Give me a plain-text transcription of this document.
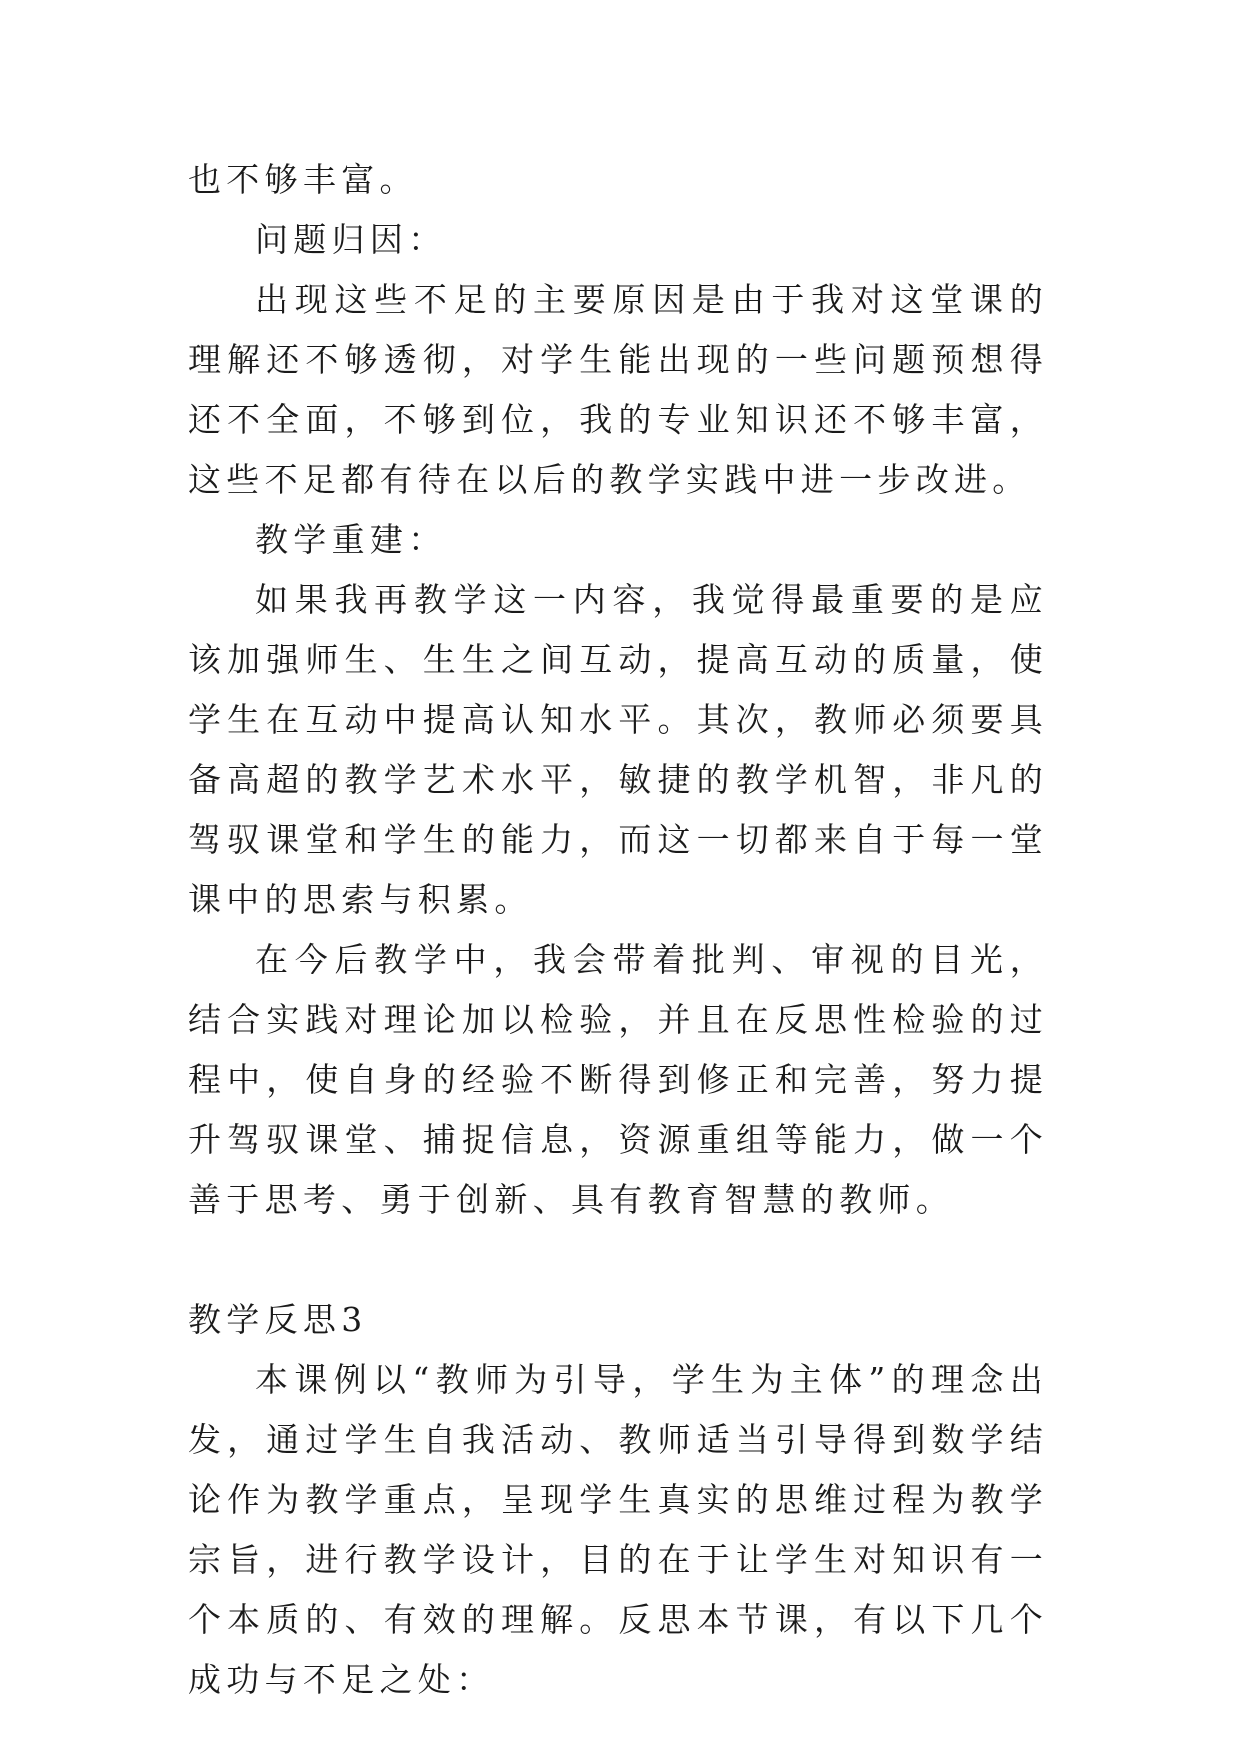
也不够丰富。

问题归因：

出现这些不足的主要原因是由于我对这堂课的理解还不够透彻，对学生能出现的一些问题预想得还不全面，不够到位，我的专业知识还不够丰富，这些不足都有待在以后的教学实践中进一步改进。

教学重建：

如果我再教学这一内容，我觉得最重要的是应该加强师生、生生之间互动，提高互动的质量，使学生在互动中提高认知水平。其次，教师必须要具备高超的教学艺术水平，敏捷的教学机智，非凡的驾驭课堂和学生的能力，而这一切都来自于每一堂课中的思索与积累。

在今后教学中，我会带着批判、审视的目光，结合实践对理论加以检验，并且在反思性检验的过程中，使自身的经验不断得到修正和完善，努力提升驾驭课堂、捕捉信息，资源重组等能力，做一个善于思考、勇于创新、具有教育智慧的教师。

教学反思3

本课例以“教师为引导，学生为主体”的理念出发，通过学生自我活动、教师适当引导得到数学结论作为教学重点，呈现学生真实的思维过程为教学宗旨，进行教学设计，目的在于让学生对知识有一个本质的、有效的理解。反思本节课，有以下几个成功与不足之处：
